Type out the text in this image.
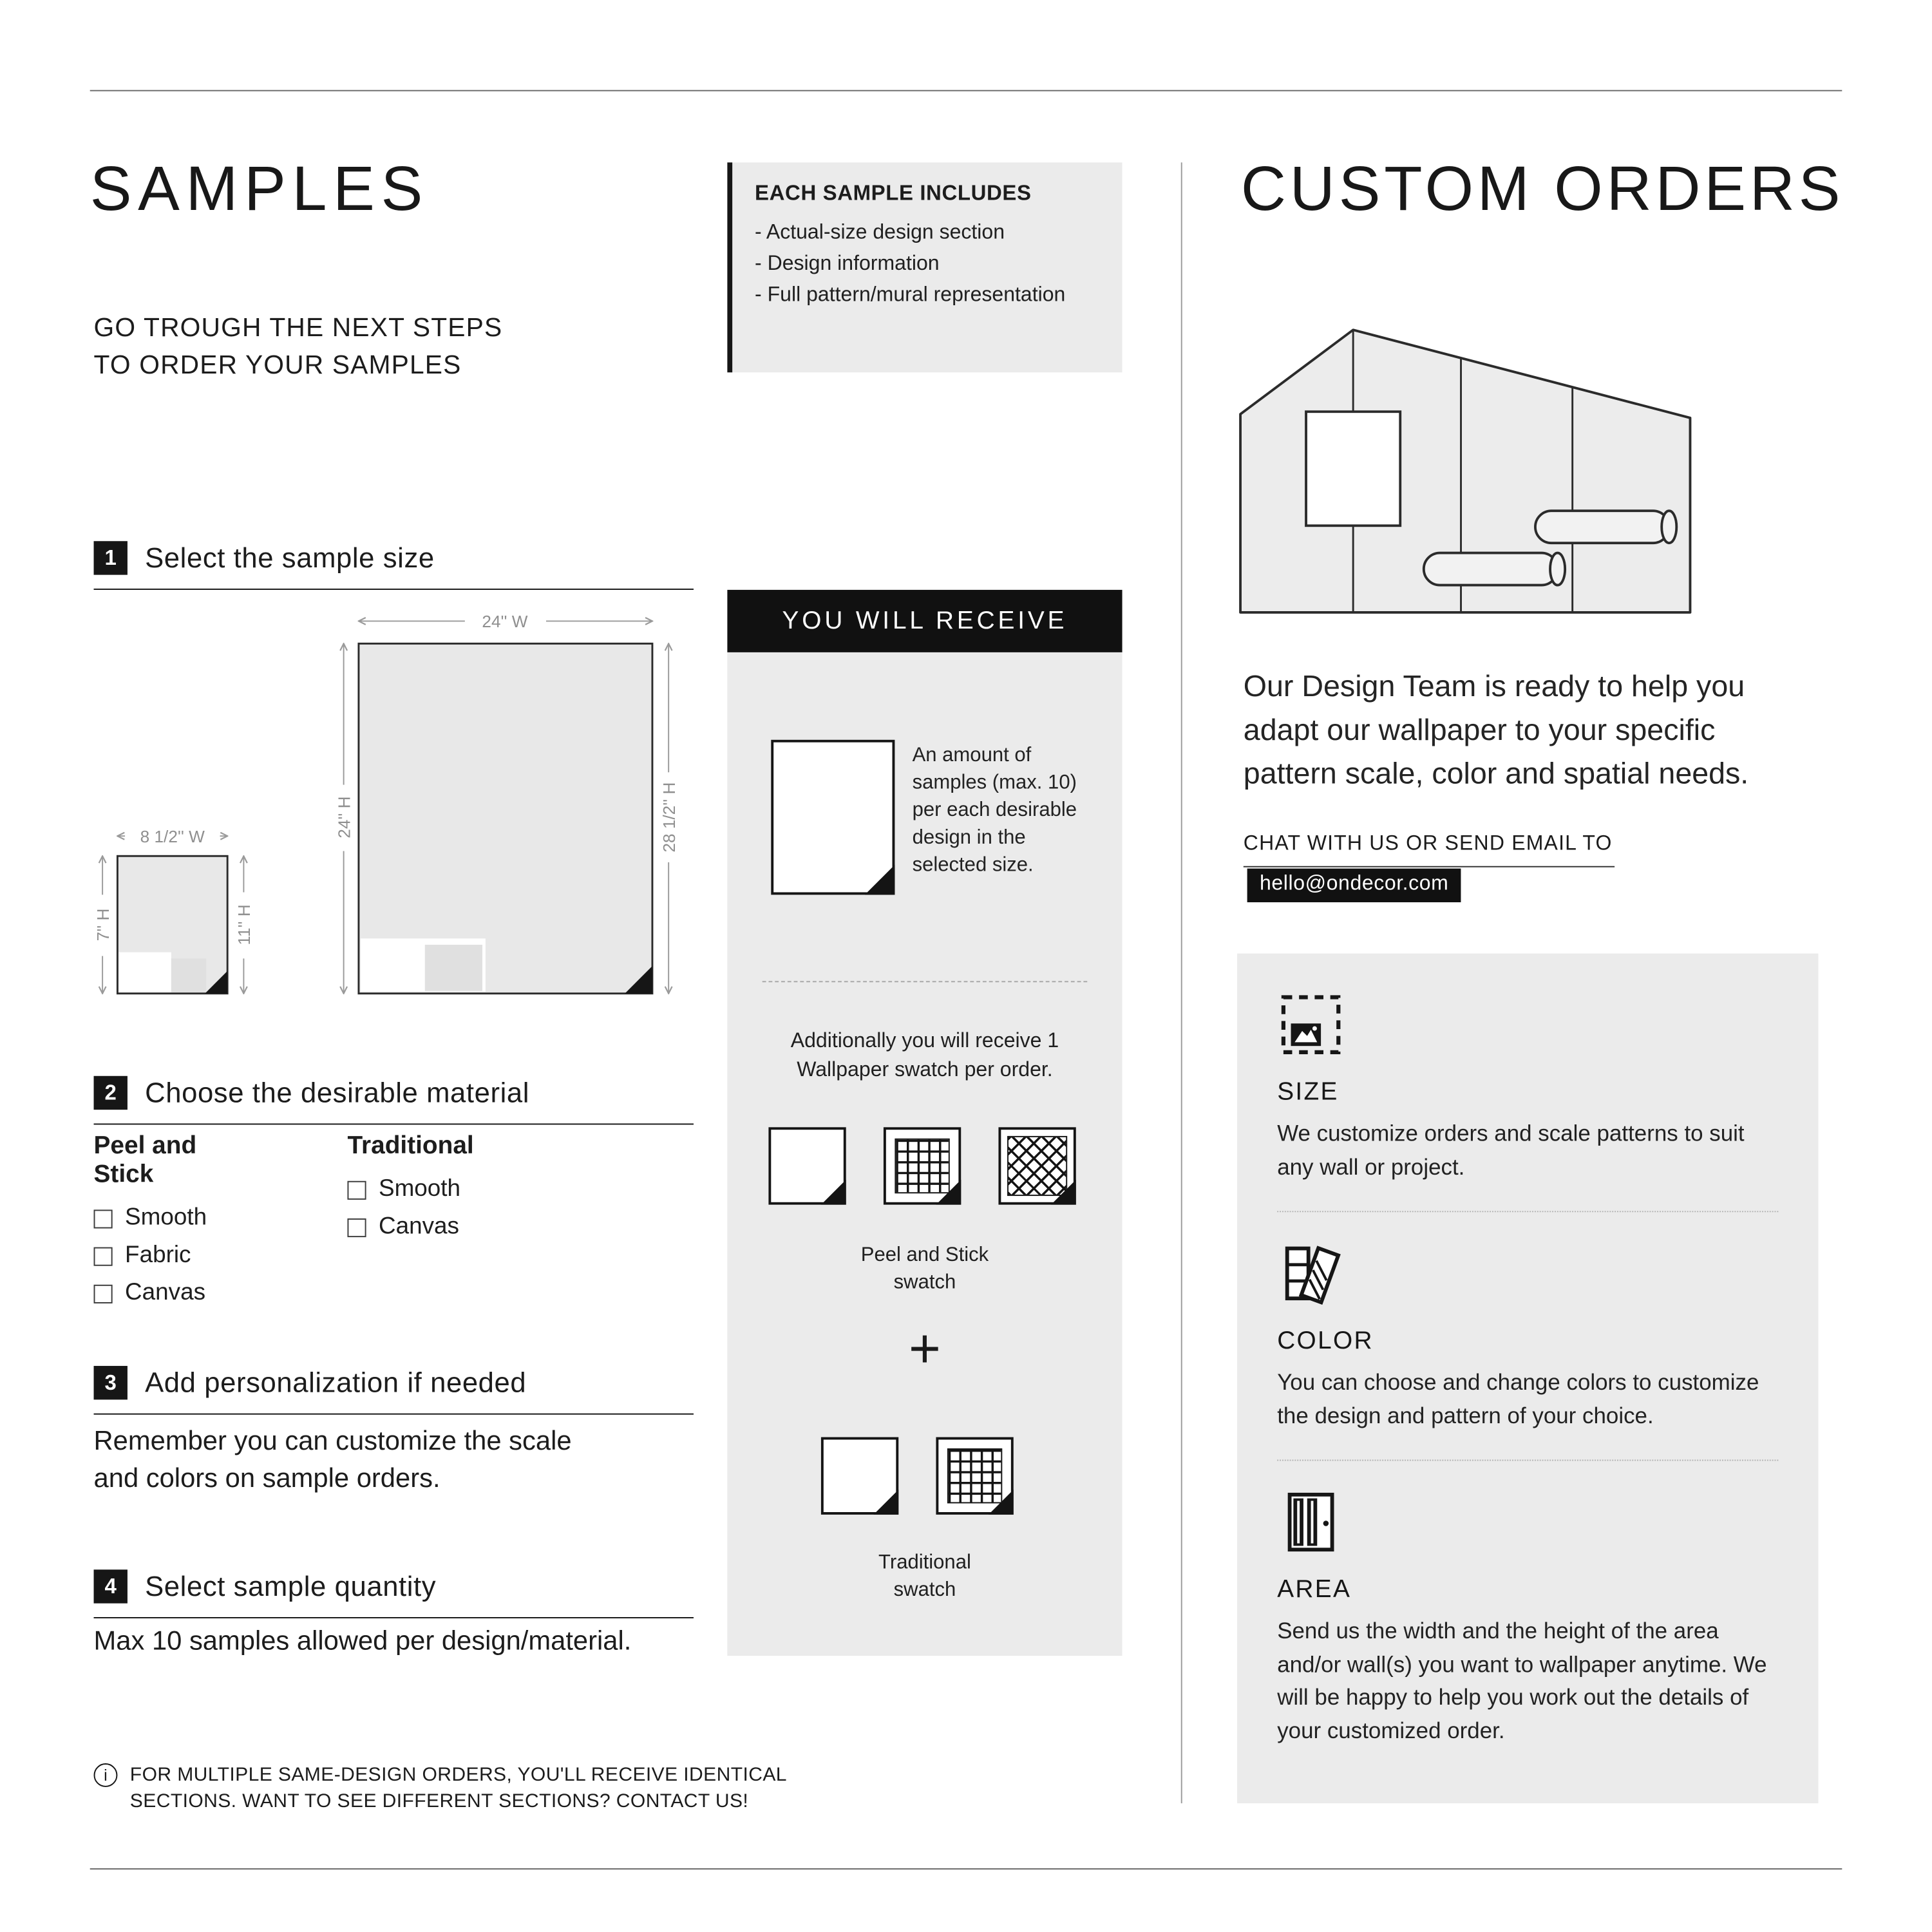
SAMPLES
GO TROUGH THE NEXT STEPS
TO ORDER YOUR SAMPLES
EACH SAMPLE INCLUDES
- Actual-size design section
- Design information
- Full pattern/mural representation
1	Select the sample size
2	Choose the desirable material
3	Add personalization if needed
4	Select sample quantity
24'' W
24'' H	28 1/2'' H
8 1/2'' W
7'' H	11'' H
Peel and Stick
Smooth
Fabric
Canvas
Traditional
Smooth
Canvas
Remember you can customize the scale and colors on sample orders.
Max 10 samples allowed per design/material.
i	FOR MULTIPLE SAME-DESIGN ORDERS, YOU'LL RECEIVE IDENTICAL
SECTIONS. WANT TO SEE DIFFERENT SECTIONS? CONTACT US!
YOU WILL RECEIVE
An amount of samples (max. 10) per each desirable design in the selected size.
Additionally you will receive 1 Wallpaper swatch per order.
Peel and Stick
swatch
+
Traditional
swatch
CUSTOM ORDERS
Our Design Team is ready to help you adapt our wallpaper to your specific pattern scale, color and spatial needs.
CHAT WITH US OR SEND EMAIL TO
hello@ondecor.com
SIZE
We customize orders and scale patterns to suit any wall or project.
COLOR
You can choose and change colors to customize the design and pattern of your choice.
AREA
Send us the width and the height of the area and/or wall(s) you want to wallpaper anytime. We will be happy to help you work out the details of your customized order.
